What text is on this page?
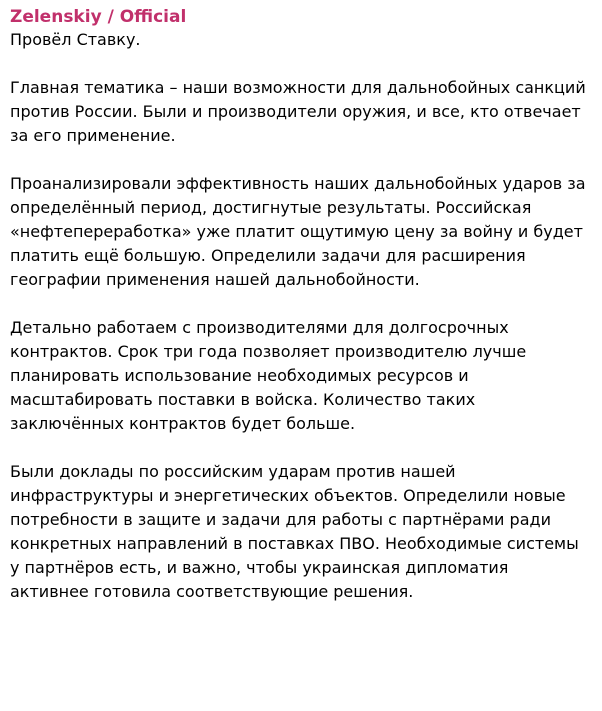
Zelenskiy / Official

Провёл Ставку.

Главная тематика – наши возможности для дальнобойных санкций против России. Были и производители оружия, и все, кто отвечает за его применение.

Проанализировали эффективность наших дальнобойных ударов за определённый период, достигнутые результаты. Российская «нефтепереработка» уже платит ощутимую цену за войну и будет платить ещё большую. Определили задачи для расширения географии применения нашей дальнобойности.

Детально работаем с производителями для долгосрочных контрактов. Срок три года позволяет производителю лучше планировать использование необходимых ресурсов и масштабировать поставки в войска. Количество таких заключённых контрактов будет больше.

Были доклады по российским ударам против нашей инфраструктуры и энергетических объектов. Определили новые потребности в защите и задачи для работы с партнёрами ради конкретных направлений в поставках ПВО. Необходимые системы у партнёров есть, и важно, чтобы украинская дипломатия активнее готовила соответствующие решения.
